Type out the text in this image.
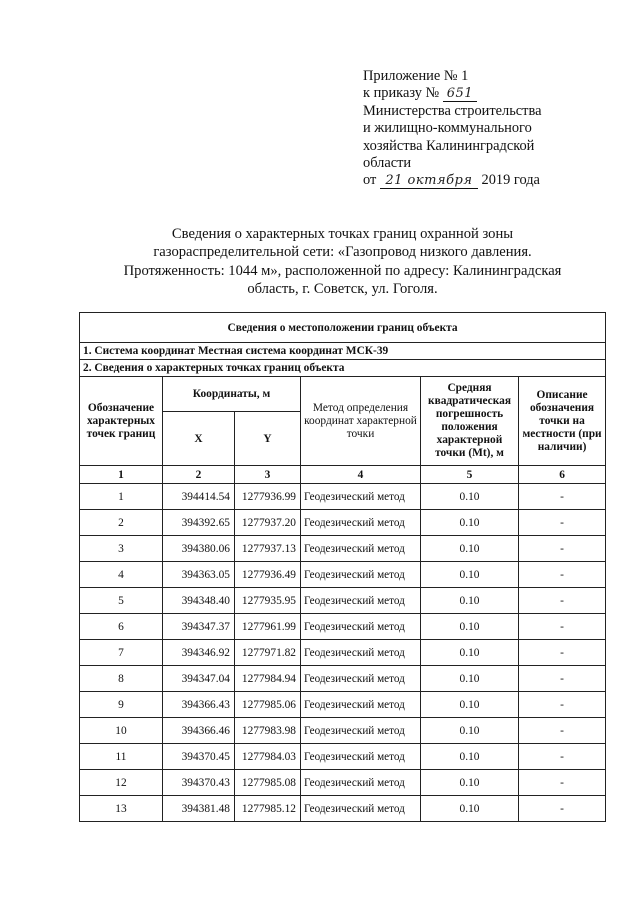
Приложение № 1
к приказу № 651
Министерства строительства
и жилищно-коммунального
хозяйства Калининградской
области
от 21 октября 2019 года
Сведения о характерных точках границ охранной зоны
газораспределительной сети: «Газопровод низкого давления.
Протяженность: 1044 м», расположенной по адресу: Калининградская
область, г. Советск, ул. Гоголя.
Сведения о местоположении границ объекта					
1. Система координат Местная система координат МСК-39					
2. Сведения о характерных точках границ объекта					
Обозначение характерных точек границ	Координаты, м		Метод определения координат характерной точки	Средняя квадратическая погрешность положения характерной точки (Mt), м	Описание обозначения точки на местности (при наличии)
	X	Y			
1	2	3	4	5	6
1	394414.54	1277936.99	Геодезический метод	0.10	-
2	394392.65	1277937.20	Геодезический метод	0.10	-
3	394380.06	1277937.13	Геодезический метод	0.10	-
4	394363.05	1277936.49	Геодезический метод	0.10	-
5	394348.40	1277935.95	Геодезический метод	0.10	-
6	394347.37	1277961.99	Геодезический метод	0.10	-
7	394346.92	1277971.82	Геодезический метод	0.10	-
8	394347.04	1277984.94	Геодезический метод	0.10	-
9	394366.43	1277985.06	Геодезический метод	0.10	-
10	394366.46	1277983.98	Геодезический метод	0.10	-
11	394370.45	1277984.03	Геодезический метод	0.10	-
12	394370.43	1277985.08	Геодезический метод	0.10	-
13	394381.48	1277985.12	Геодезический метод	0.10	-
